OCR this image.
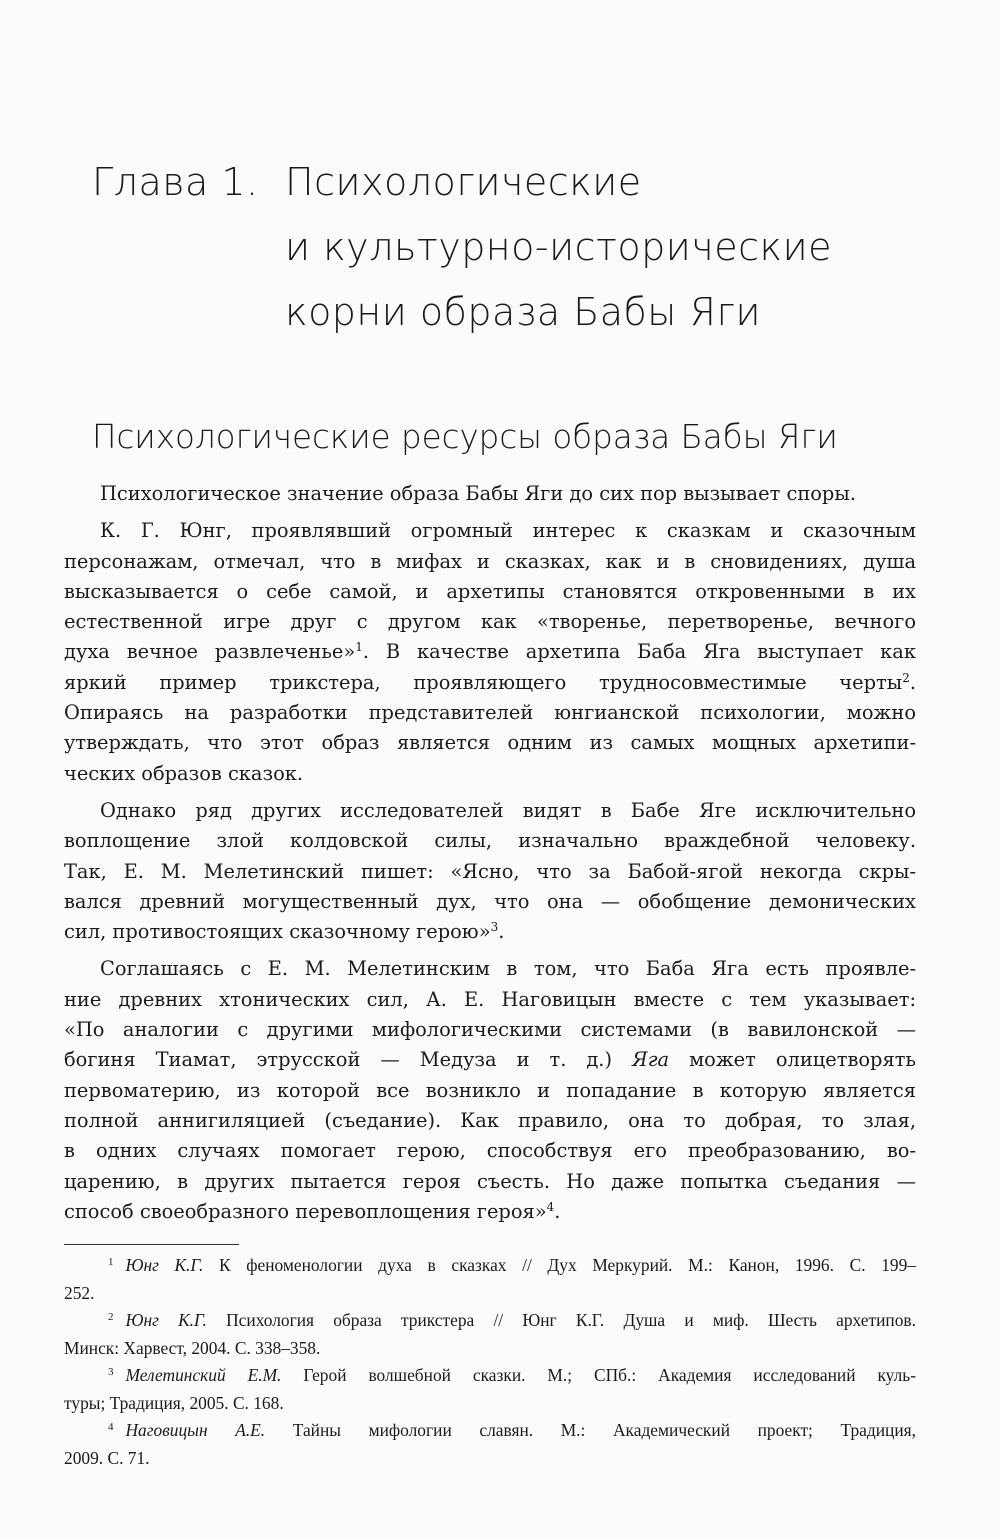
Глава 1. Психологические
и культурно-исторические
корни образа Бабы Яги
Психологические ресурсы образа Бабы Яги
Психологическое значение образа Бабы Яги до сих пор вызывает споры.
К. Г. Юнг, проявлявший огромный интерес к сказкам и сказочным
персонажам, отмечал, что в мифах и сказках, как и в сновидениях, душа
высказывается о себе самой, и архетипы становятся откровенными в их
естественной игре друг с другом как «творенье, перетворенье, вечного
духа вечное развлеченье»$^1$. В качестве архетипа Баба Яга выступает как
яркий пример трикстера, проявляющего трудносовместимые черты$^2$.
Опираясь на разработки представителей юнгианской психологии, можно
утверждать, что этот образ является одним из самых мощных архетипи-
ческих образов сказок.
Однако ряд других исследователей видят в Бабе Яге исключительно
воплощение злой колдовской силы, изначально враждебной человеку.
Так, Е. М. Мелетинский пишет: «Ясно, что за Бабой-ягой некогда скры-
вался древний могущественный дух, что она — обобщение демонических
сил, противостоящих сказочному герою»$^3$.
Соглашаясь с Е. М. Мелетинским в том, что Баба Яга есть проявле-
ние древних хтонических сил, А. Е. Наговицын вместе с тем указывает:
«По аналогии с другими мифологическими системами (в вавилонской —
богиня Тиамат, этрусской — Медуза и т. д.) Яга может олицетворять
первоматерию, из которой все возникло и попадание в которую является
полной аннигиляцией (съедание). Как правило, она то добрая, то злая,
в одних случаях помогает герою, способствуя его преобразованию, во-
царению, в других пытается героя съесть. Но даже попытка съедания —
способ своеобразного перевоплощения героя»$^4$.
$^1$ Юнг К.Г. К феноменологии духа в сказках // Дух Меркурий. М.: Канон, 1996. С. 199–
252.
$^2$ Юнг К.Г. Психология образа трикстера // Юнг К.Г. Душа и миф. Шесть архетипов.
Минск: Харвест, 2004. С. 338–358.
$^3$ Мелетинский Е.М. Герой волшебной сказки. М.; СПб.: Академия исследований куль-
туры; Традиция, 2005. С. 168.
$^4$ Наговицын А.Е. Тайны мифологии славян. М.: Академический проект; Традиция,
2009. С. 71.
